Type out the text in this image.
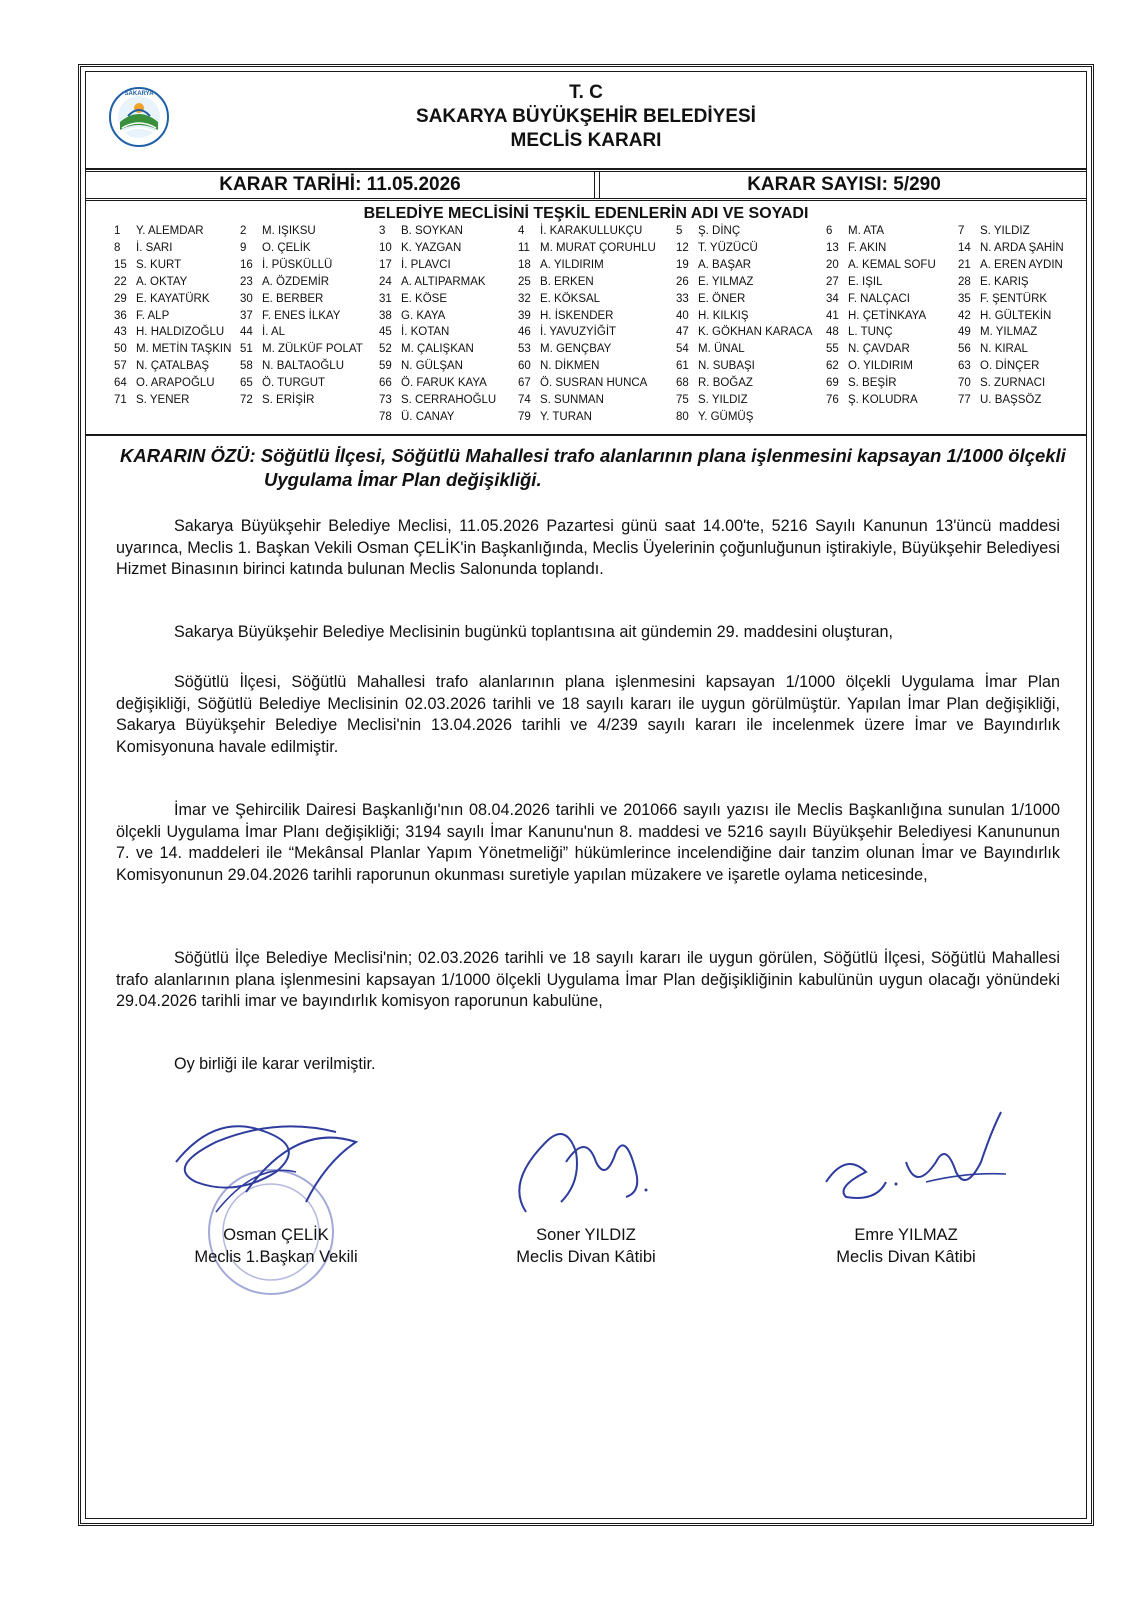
SAKARYA	T. C
SAKARYA BÜYÜKŞEHİR BELEDİYESİ
MECLİS KARARI
KARAR TARİHİ: 11.05.2026	KARAR SAYISI: 5/290
BELEDİYE MECLİSİNİ TEŞKİL EDENLERİN ADI VE SOYADI
1 Y. ALEMDAR	2 M. IŞIKSU	3 B. SOYKAN	4 İ. KARAKULLUKÇU	5 Ş. DİNÇ	6 M. ATA	7 S. YILDIZ
8 İ. SARI	9 O. ÇELİK	10 K. YAZGAN	11 M. MURAT ÇORUHLU 12 T. YÜZÜCÜ	13 F. AKIN	14 N. ARDA ŞAHİN
15 S. KURT	16 İ. PÜSKÜLLÜ	17 İ. PLAVCI	18 A. YILDIRIM	19 A. BAŞAR	20 A. KEMAL SOFU 21 A. EREN AYDIN
22 A. OKTAY	23 A. ÖZDEMİR	24 A. ALTIPARMAK	25 B. ERKEN	26 E. YILMAZ	27 E. IŞIL	28 E. KARIŞ
29 E. KAYATÜRK	30 E. BERBER	31 E. KÖSE	32 E. KÖKSAL	33 E. ÖNER	34 F. NALÇACI	35 F. ŞENTÜRK
36 F. ALP	37 F. ENES İLKAY	38 G. KAYA	39 H. İSKENDER	40 H. KILKIŞ	41 H. ÇETİNKAYA	42 H. GÜLTEKİN
43 H. HALDIZOĞLU 44 İ. AL	45 İ. KOTAN	46 İ. YAVUZYİĞİT	47 K. GÖKHAN KARACA 48 L. TUNÇ	49 M. YILMAZ
50 M. METİN TAŞKIN 51 M. ZÜLKÜF POLAT 52 M. ÇALIŞKAN	53 M. GENÇBAY	54 M. ÜNAL	55 N. ÇAVDAR	56 N. KIRAL
57 N. ÇATALBAŞ	58 N. BALTAOĞLU	59 N. GÜLŞAN	60 N. DİKMEN	61 N. SUBAŞI	62 O. YILDIRIM	63 O. DİNÇER
64 O. ARAPOĞLU 65 Ö. TURGUT	66 Ö. FARUK KAYA	67 Ö. SUSRAN HUNCA 68 R. BOĞAZ	69 S. BEŞİR	70 S. ZURNACI
71 S. YENER	72 S. ERİŞİR	73 S. CERRAHOĞLU 74 S. SUNMAN	75 S. YILDIZ	76 Ş. KOLUDRA	77 U. BAŞSÖZ
78 Ü. CANAY	79 Y. TURAN	80 Y. GÜMÜŞ
KARARIN ÖZÜ: Söğütlü İlçesi, Söğütlü Mahallesi trafo alanlarının plana işlenmesini kapsayan 1/1000 ölçekli
Uygulama İmar Plan değişikliği.
Sakarya Büyükşehir Belediye Meclisi, 11.05.2026 Pazartesi günü saat 14.00'te, 5216 Sayılı Kanunun 13'üncü maddesi uyarınca, Meclis 1. Başkan Vekili Osman ÇELİK'in Başkanlığında, Meclis Üyelerinin çoğunluğunun iştirakiyle, Büyükşehir Belediyesi Hizmet Binasının birinci katında bulunan Meclis Salonunda toplandı.
Sakarya Büyükşehir Belediye Meclisinin bugünkü toplantısına ait gündemin 29. maddesini oluşturan,
Söğütlü İlçesi, Söğütlü Mahallesi trafo alanlarının plana işlenmesini kapsayan 1/1000 ölçekli Uygulama İmar Plan değişikliği, Söğütlü Belediye Meclisinin 02.03.2026 tarihli ve 18 sayılı kararı ile uygun görülmüştür. Yapılan İmar Plan değişikliği, Sakarya Büyükşehir Belediye Meclisi'nin 13.04.2026 tarihli ve 4/239 sayılı kararı ile incelenmek üzere İmar ve Bayındırlık Komisyonuna havale edilmiştir.
İmar ve Şehircilik Dairesi Başkanlığı'nın 08.04.2026 tarihli ve 201066 sayılı yazısı ile Meclis Başkanlığına sunulan 1/1000 ölçekli Uygulama İmar Planı değişikliği; 3194 sayılı İmar Kanunu'nun 8. maddesi ve 5216 sayılı Büyükşehir Belediyesi Kanununun 7. ve 14. maddeleri ile “Mekânsal Planlar Yapım Yönetmeliği” hükümlerince incelendiğine dair tanzim olunan İmar ve Bayındırlık Komisyonunun 29.04.2026 tarihli raporunun okunması suretiyle yapılan müzakere ve işaretle oylama neticesinde,
Söğütlü İlçe Belediye Meclisi'nin; 02.03.2026 tarihli ve 18 sayılı kararı ile uygun görülen, Söğütlü İlçesi, Söğütlü Mahallesi trafo alanlarının plana işlenmesini kapsayan 1/1000 ölçekli Uygulama İmar Plan değişikliğinin kabulünün uygun olacağı yönündeki 29.04.2026 tarihli imar ve bayındırlık komisyon raporunun kabulüne,
Oy birliği ile karar verilmiştir.
Osman ÇELİK
Meclis 1.Başkan Vekili
Soner YILDIZ
Meclis Divan Kâtibi
Emre YILMAZ
Meclis Divan Kâtibi
